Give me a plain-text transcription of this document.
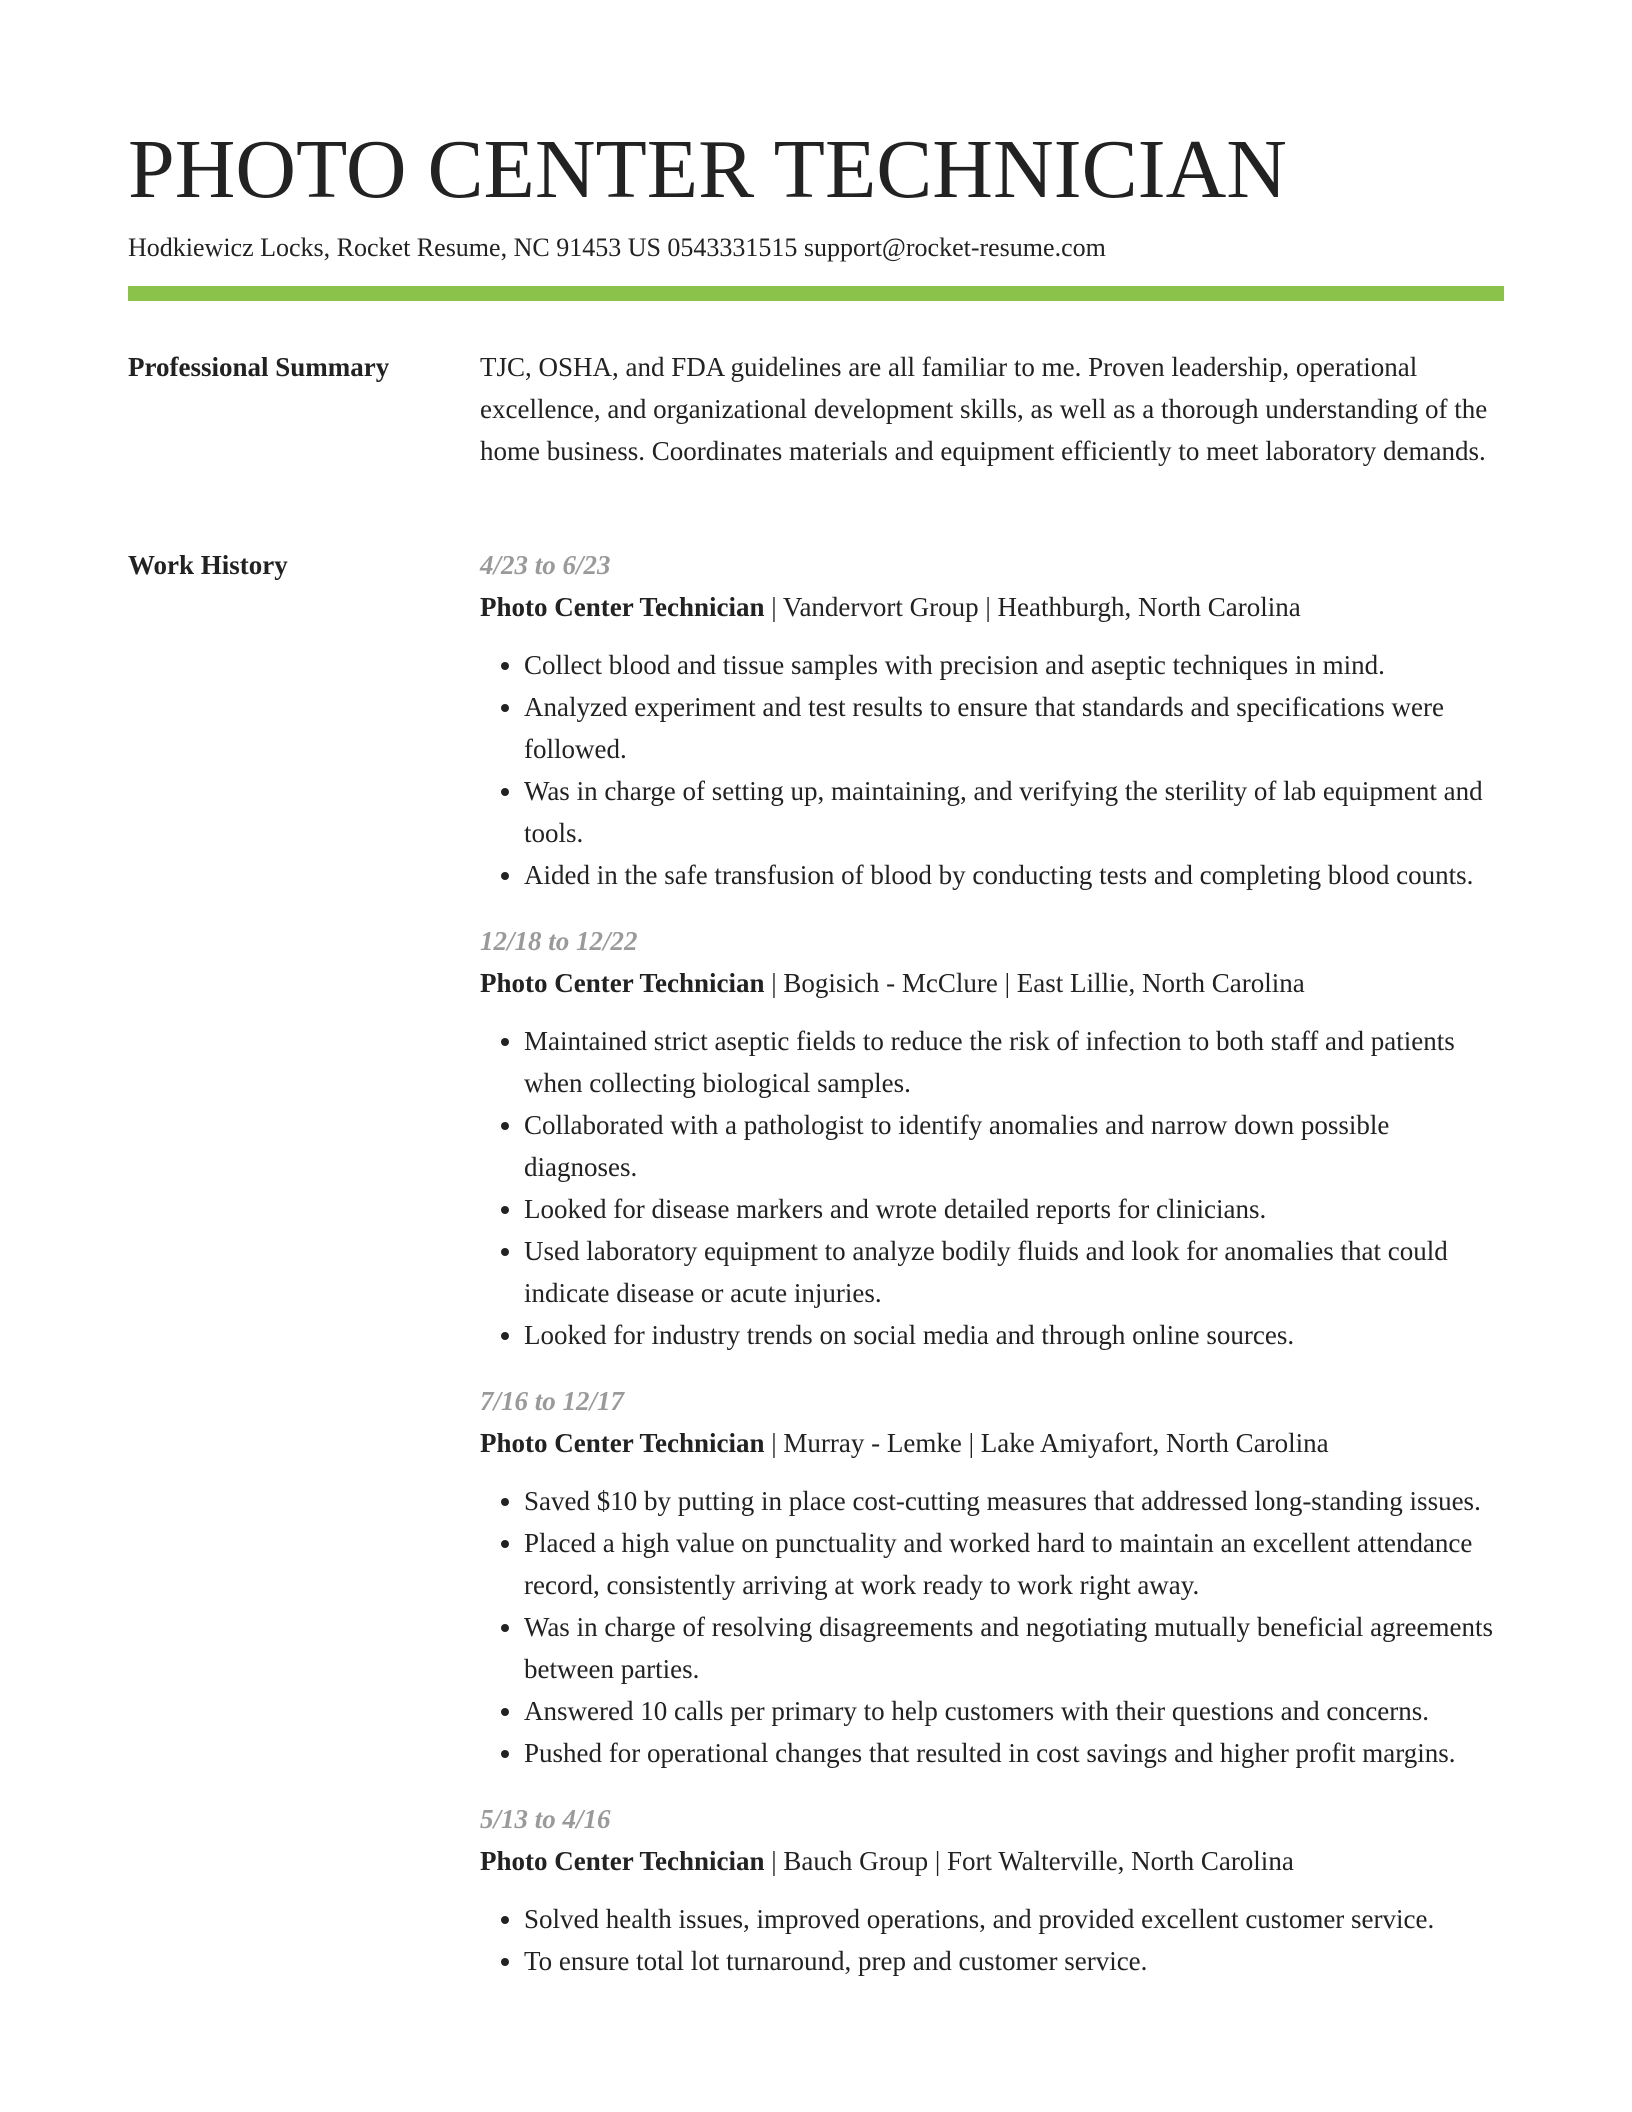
PHOTO CENTER TECHNICIAN
Hodkiewicz Locks, Rocket Resume, NC 91453 US 0543331515 support@rocket-resume.com
Professional Summary	TJC, OSHA, and FDA guidelines are all familiar to me. Proven leadership, operational excellence, and organizational development skills, as well as a thorough understanding of the home business. Coordinates materials and equipment efficiently to meet laboratory demands.

Work History	4/23 to 6/23
Photo Center Technician | Vandervort Group | Heathburgh, North Carolina
• Collect blood and tissue samples with precision and aseptic techniques in mind.
• Analyzed experiment and test results to ensure that standards and specifications were followed.
• Was in charge of setting up, maintaining, and verifying the sterility of lab equipment and tools.
• Aided in the safe transfusion of blood by conducting tests and completing blood counts.
12/18 to 12/22
Photo Center Technician | Bogisich - McClure | East Lillie, North Carolina
• Maintained strict aseptic fields to reduce the risk of infection to both staff and patients when collecting biological samples.
• Collaborated with a pathologist to identify anomalies and narrow down possible diagnoses.
• Looked for disease markers and wrote detailed reports for clinicians.
• Used laboratory equipment to analyze bodily fluids and look for anomalies that could indicate disease or acute injuries.
• Looked for industry trends on social media and through online sources.
7/16 to 12/17
Photo Center Technician | Murray - Lemke | Lake Amiyafort, North Carolina
• Saved $10 by putting in place cost-cutting measures that addressed long-standing issues.
• Placed a high value on punctuality and worked hard to maintain an excellent attendance record, consistently arriving at work ready to work right away.
• Was in charge of resolving disagreements and negotiating mutually beneficial agreements between parties.
• Answered 10 calls per primary to help customers with their questions and concerns.
• Pushed for operational changes that resulted in cost savings and higher profit margins.
5/13 to 4/16
Photo Center Technician | Bauch Group | Fort Walterville, North Carolina
• Solved health issues, improved operations, and provided excellent customer service.
• To ensure total lot turnaround, prep and customer service.
